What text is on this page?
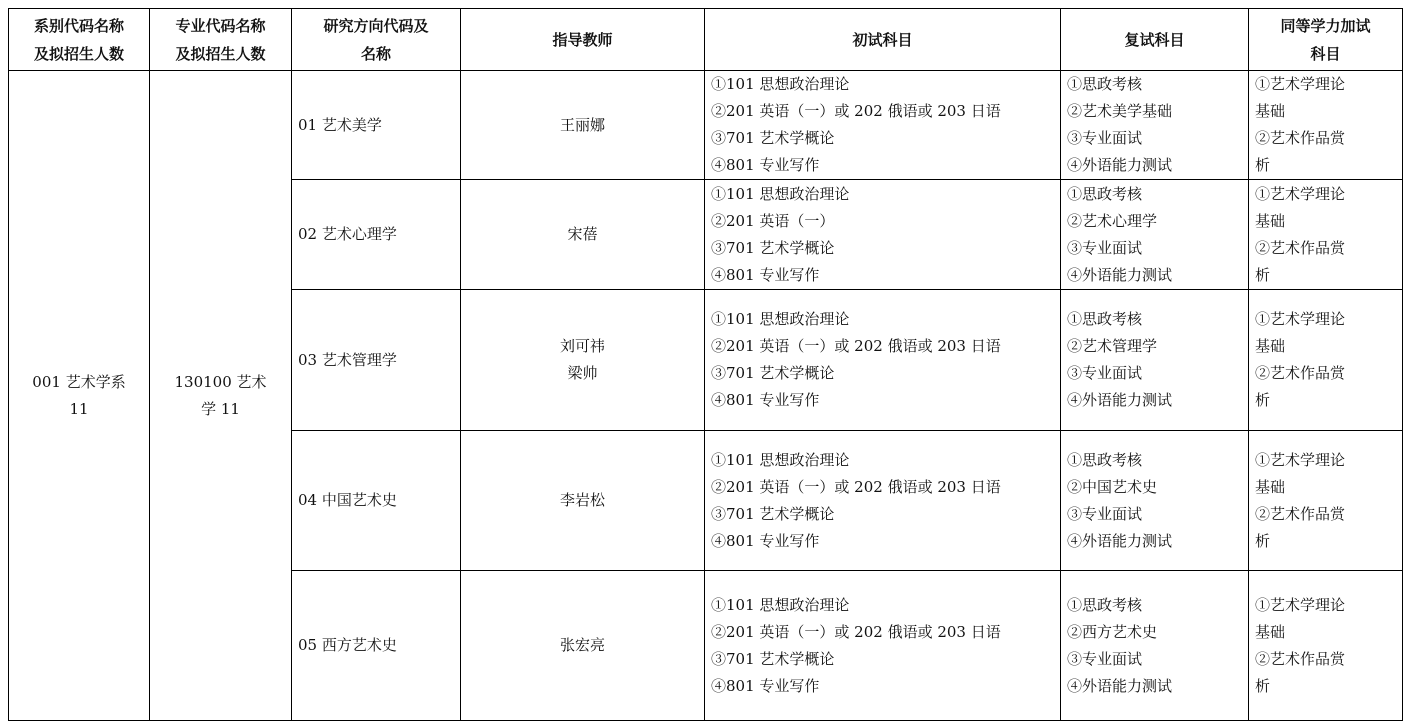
系别代码名称
及拟招生人数	专业代码名称
及拟招生人数	研究方向代码及
名称	指导教师	初试科目	复试科目	同等学力加试
科目

001 艺术学系
11	130100 艺术
学 11	01 艺术美学	王丽娜	①101 思想政治理论
②201 英语（一）或 202 俄语或 203 日语
③701 艺术学概论
④801 专业写作	①思政考核
②艺术美学基础
③专业面试
④外语能力测试	①艺术学理论
基础
②艺术作品赏
析

		02 艺术心理学	宋蓓	①101 思想政治理论
②201 英语（一）
③701 艺术学概论
④801 专业写作	①思政考核
②艺术心理学
③专业面试
④外语能力测试	①艺术学理论
基础
②艺术作品赏
析

		03 艺术管理学	刘可祎
梁帅	①101 思想政治理论
②201 英语（一）或 202 俄语或 203 日语
③701 艺术学概论
④801 专业写作	①思政考核
②艺术管理学
③专业面试
④外语能力测试	①艺术学理论
基础
②艺术作品赏
析

		04 中国艺术史	李岩松	①101 思想政治理论
②201 英语（一）或 202 俄语或 203 日语
③701 艺术学概论
④801 专业写作	①思政考核
②中国艺术史
③专业面试
④外语能力测试	①艺术学理论
基础
②艺术作品赏
析

		05 西方艺术史	张宏亮	①101 思想政治理论
②201 英语（一）或 202 俄语或 203 日语
③701 艺术学概论
④801 专业写作	①思政考核
②西方艺术史
③专业面试
④外语能力测试	①艺术学理论
基础
②艺术作品赏
析
